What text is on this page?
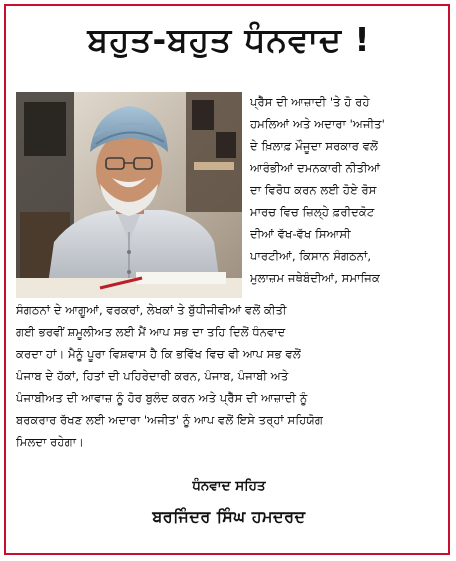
ਬਹੁਤ-ਬਹੁਤ ਧੰਨਵਾਦ !
ਪ੍ਰੈੱਸ ਦੀ ਆਜ਼ਾਦੀ 'ਤੇ ਹੋ ਰਹੇ
ਹਮਲਿਆਂ ਅਤੇ ਅਦਾਰਾ 'ਅਜੀਤ'
ਦੇ ਖ਼ਿਲਾਫ਼ ਮੌਜੂਦਾ ਸਰਕਾਰ ਵਲੋਂ
ਆਰੰਭੀਆਂ ਦਮਨਕਾਰੀ ਨੀਤੀਆਂ
ਦਾ ਵਿਰੋਧ ਕਰਨ ਲਈ ਹੋਏ ਰੋਸ
ਮਾਰਚ ਵਿਚ ਜ਼ਿਲ੍ਹੇ ਫ਼ਰੀਦਕੋਟ
ਦੀਆਂ ਵੱਖ-ਵੱਖ ਸਿਆਸੀ
ਪਾਰਟੀਆਂ, ਕਿਸਾਨ ਸੰਗਠਨਾਂ,
ਮੁਲਾਜ਼ਮ ਜਥੇਬੰਦੀਆਂ, ਸਮਾਜਿਕ
ਸੰਗਠਨਾਂ ਦੇ ਆਗੂਆਂ, ਵਰਕਰਾਂ, ਲੇਖਕਾਂ ਤੇ ਬੁੱਧੀਜੀਵੀਆਂ ਵਲੋਂ ਕੀਤੀ
ਗਈ ਭਰਵੀਂ ਸ਼ਮੂਲੀਅਤ ਲਈ ਮੈਂ ਆਪ ਸਭ ਦਾ ਤਹਿ ਦਿਲੋਂ ਧੰਨਵਾਦ
ਕਰਦਾ ਹਾਂ। ਮੈਨੂੰ ਪੂਰਾ ਵਿਸ਼ਵਾਸ ਹੈ ਕਿ ਭਵਿੱਖ ਵਿਚ ਵੀ ਆਪ ਸਭ ਵਲੋਂ
ਪੰਜਾਬ ਦੇ ਹੱਕਾਂ, ਹਿਤਾਂ ਦੀ ਪਹਿਰੇਦਾਰੀ ਕਰਨ, ਪੰਜਾਬ, ਪੰਜਾਬੀ ਅਤੇ
ਪੰਜਾਬੀਅਤ ਦੀ ਆਵਾਜ਼ ਨੂੰ ਹੋਰ ਬੁਲੰਦ ਕਰਨ ਅਤੇ ਪ੍ਰੈੱਸ ਦੀ ਆਜ਼ਾਦੀ ਨੂੰ
ਬਰਕਰਾਰ ਰੱਖਣ ਲਈ ਅਦਾਰਾ 'ਅਜੀਤ' ਨੂੰ ਆਪ ਵਲੋਂ ਇਸੇ ਤਰ੍ਹਾਂ ਸਹਿਯੋਗ
ਮਿਲਦਾ ਰਹੇਗਾ।
ਧੰਨਵਾਦ ਸਹਿਤ
ਬਰਜਿੰਦਰ ਸਿੰਘ ਹਮਦਰਦ
